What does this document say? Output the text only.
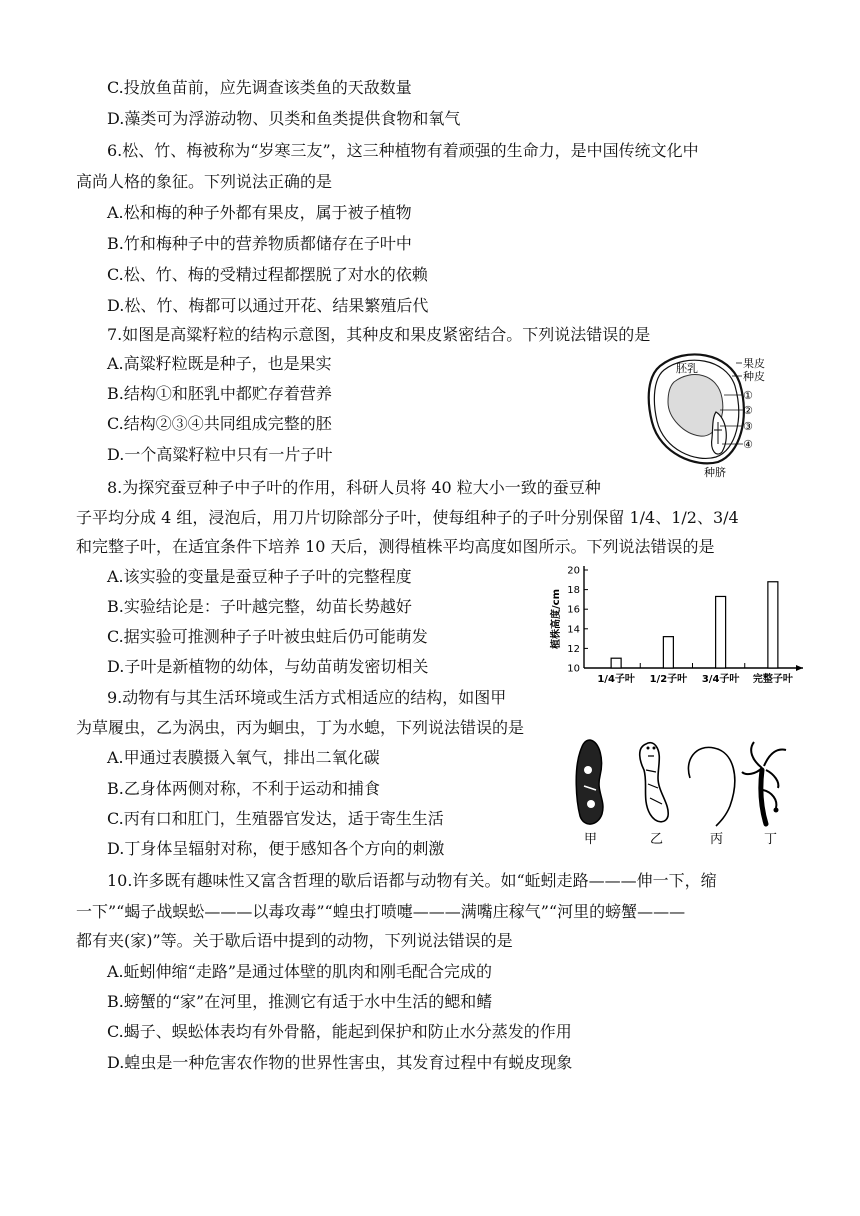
C.投放鱼苗前，应先调查该类鱼的天敌数量
D.藻类可为浮游动物、贝类和鱼类提供食物和氧气
6.松、竹、梅被称为“岁寒三友”，这三种植物有着顽强的生命力，是中国传统文化中
高尚人格的象征。下列说法正确的是
A.松和梅的种子外都有果皮，属于被子植物
B.竹和梅种子中的营养物质都储存在子叶中
C.松、竹、梅的受精过程都摆脱了对水的依赖
D.松、竹、梅都可以通过开花、结果繁殖后代
7.如图是高粱籽粒的结构示意图，其种皮和果皮紧密结合。下列说法错误的是
A.高粱籽粒既是种子，也是果实
B.结构①和胚乳中都贮存着营养
C.结构②③④共同组成完整的胚
D.一个高粱籽粒中只有一片子叶
8.为探究蚕豆种子中子叶的作用，科研人员将 40 粒大小一致的蚕豆种
子平均分成 4 组，浸泡后，用刀片切除部分子叶，使每组种子的子叶分别保留 1/4、1/2、3/4
和完整子叶，在适宜条件下培养 10 天后，测得植株平均高度如图所示。下列说法错误的是
A.该实验的变量是蚕豆种子子叶的完整程度
B.实验结论是：子叶越完整，幼苗长势越好
C.据实验可推测种子子叶被虫蛀后仍可能萌发
D.子叶是新植物的幼体，与幼苗萌发密切相关
9.动物有与其生活环境或生活方式相适应的结构，如图甲
为草履虫，乙为涡虫，丙为蛔虫，丁为水螅，下列说法错误的是
A.甲通过表膜摄入氧气，排出二氧化碳
B.乙身体两侧对称，不利于运动和捕食
C.丙有口和肛门，生殖器官发达，适于寄生生活
D.丁身体呈辐射对称，便于感知各个方向的刺激
10.许多既有趣味性又富含哲理的歇后语都与动物有关。如“蚯蚓走路———伸一下，缩
一下”“蝎子战蜈蚣———以毒攻毒”“蝗虫打喷嚏———满嘴庄稼气”“河里的螃蟹———
都有夹(家)”等。关于歇后语中提到的动物，下列说法错误的是
A.蚯蚓伸缩“走路”是通过体壁的肌肉和刚毛配合完成的
B.螃蟹的“家”在河里，推测它有适于水中生活的鳃和鳍
C.蝎子、蜈蚣体表均有外骨骼，能起到保护和防止水分蒸发的作用
D.蝗虫是一种危害农作物的世界性害虫，其发育过程中有蜕皮现象
胚乳	果皮
种皮
①
②
③
④
种脐
10
12
14
16
18
20
1/4子叶 1/2子叶 3/4子叶 完整子叶
植株高度/cm
甲	乙	丙	丁
